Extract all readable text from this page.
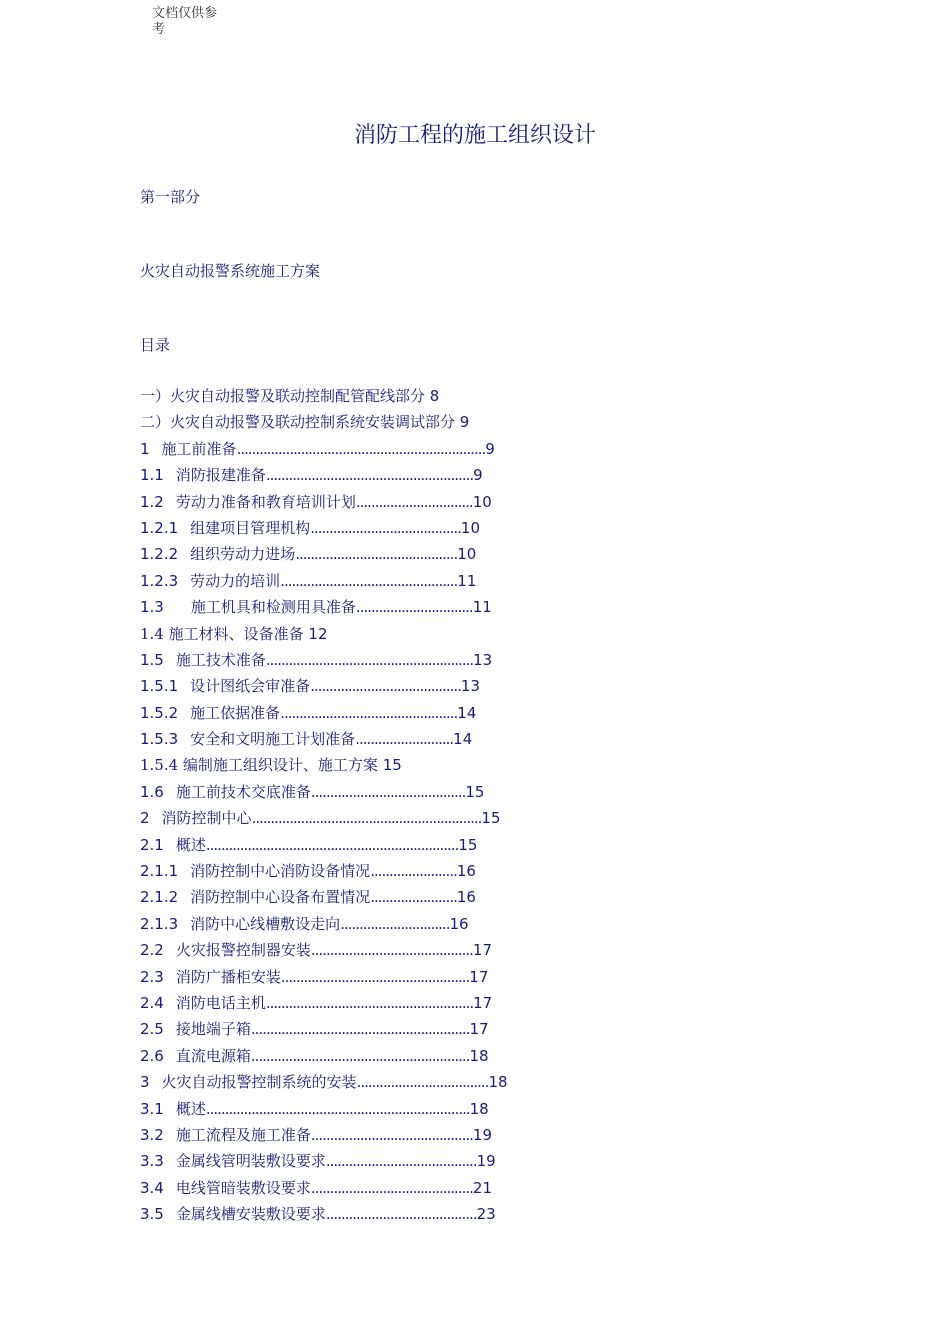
文档仅供参考
消防工程的施工组织设计
第一部分
火灾自动报警系统施工方案
目录
一）火灾自动报警及联动控制配管配线部分 8
二）火灾自动报警及联动控制系统安装调试部分 9
1 施工前准备..................................................................9
1.1 消防报建准备.......................................................9
1.2 劳动力准备和教育培训计划...............................10
1.2.1 组建项目管理机构........................................10
1.2.2 组织劳动力进场...........................................10
1.2.3 劳动力的培训...............................................11
1.3　施工机具和检测用具准备...............................11
1.4 施工材料、设备准备 12
1.5 施工技术准备.......................................................13
1.5.1 设计图纸会审准备........................................13
1.5.2 施工依据准备...............................................14
1.5.3 安全和文明施工计划准备..........................14
1.5.4 编制施工组织设计、施工方案 15
1.6 施工前技术交底准备.........................................15
2 消防控制中心.............................................................15
2.1 概述...................................................................15
2.1.1 消防控制中心消防设备情况.......................16
2.1.2 消防控制中心设备布置情况.......................16
2.1.3 消防中心线槽敷设走向.............................16
2.2 火灾报警控制器安装...........................................17
2.3 消防广播柜安装..................................................17
2.4 消防电话主机.......................................................17
2.5 接地端子箱..........................................................17
2.6 直流电源箱..........................................................18
3 火灾自动报警控制系统的安装...................................18
3.1 概述......................................................................18
3.2 施工流程及施工准备...........................................19
3.3 金属线管明装敷设要求........................................19
3.4 电线管暗装敷设要求...........................................21
3.5 金属线槽安装敷设要求........................................23
